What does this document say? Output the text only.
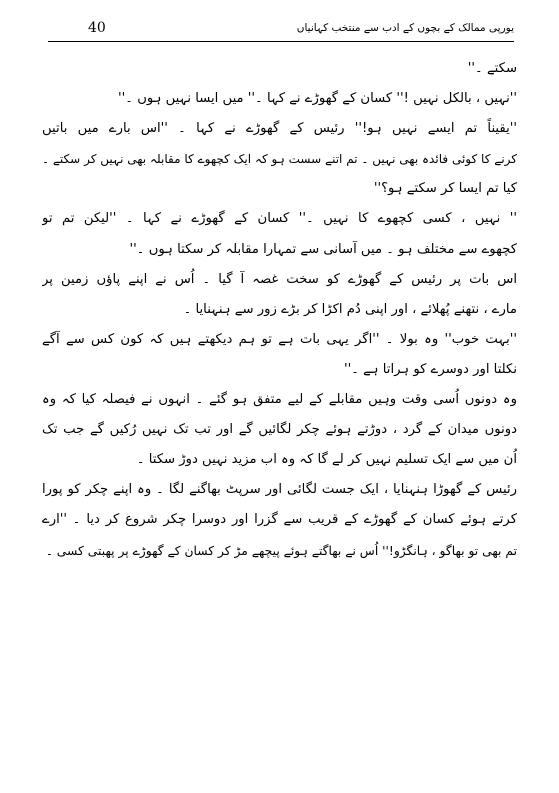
40	یورپی ممالک کے بچوں کے ادب سے منتخب کہانیاں
سکتے ۔''
''نہیں ، بالکل نہیں !'' کسان کے گھوڑے نے کہا ۔'' میں ایسا نہیں ہوں ۔''
''یقیناً تم ایسے نہیں ہو!'' رئیس کے گھوڑے نے کہا ۔ ''اس بارے میں باتیں
کرنے کا کوئی فائدہ بھی نہیں ۔ تم اتنے سست ہو کہ ایک کچھوے کا مقابلہ بھی نہیں کر سکتے ۔
کیا تم ایسا کر سکتے ہو؟''
'' نہیں ، کسی کچھوے کا نہیں ۔'' کسان کے گھوڑے نے کہا ۔ ''لیکن تم تو
کچھوے سے مختلف ہو ۔ میں آسانی سے تمہارا مقابلہ کر سکتا ہوں ۔''
اس بات پر رئیس کے گھوڑے کو سخت غصہ آ گیا ۔ اُس نے اپنے پاؤں زمین پر
مارے ، نتھنے پُھلائے ، اور اپنی دُم اکڑا کر بڑے زور سے ہنہنایا ۔
''بہت خوب'' وہ بولا ۔ ''اگر یہی بات ہے تو ہم دیکھتے ہیں کہ کون کس سے آگے
نکلتا اور دوسرے کو ہراتا ہے ۔''
وہ دونوں اُسی وقت وہیں مقابلے کے لیے متفق ہو گئے ۔ انہوں نے فیصلہ کیا کہ وہ
دونوں میدان کے گرد ، دوڑتے ہوئے چکر لگائیں گے اور تب تک نہیں رُکیں گے جب تک
اُن میں سے ایک تسلیم نہیں کر لے گا کہ وہ اب مزید نہیں دوڑ سکتا ۔
رئیس کے گھوڑا ہنہنایا ، ایک جست لگائی اور سرپٹ بھاگنے لگا ۔ وہ اپنے چکر کو پورا
کرتے ہوئے کسان کے گھوڑے کے قریب سے گزرا اور دوسرا چکر شروع کر دیا ۔ ''ارے
تم بھی تو بھاگو ، ہانگڑو!'' اُس نے بھاگتے ہوئے پیچھے مڑ کر کسان کے گھوڑے پر پھبتی کسی ۔
